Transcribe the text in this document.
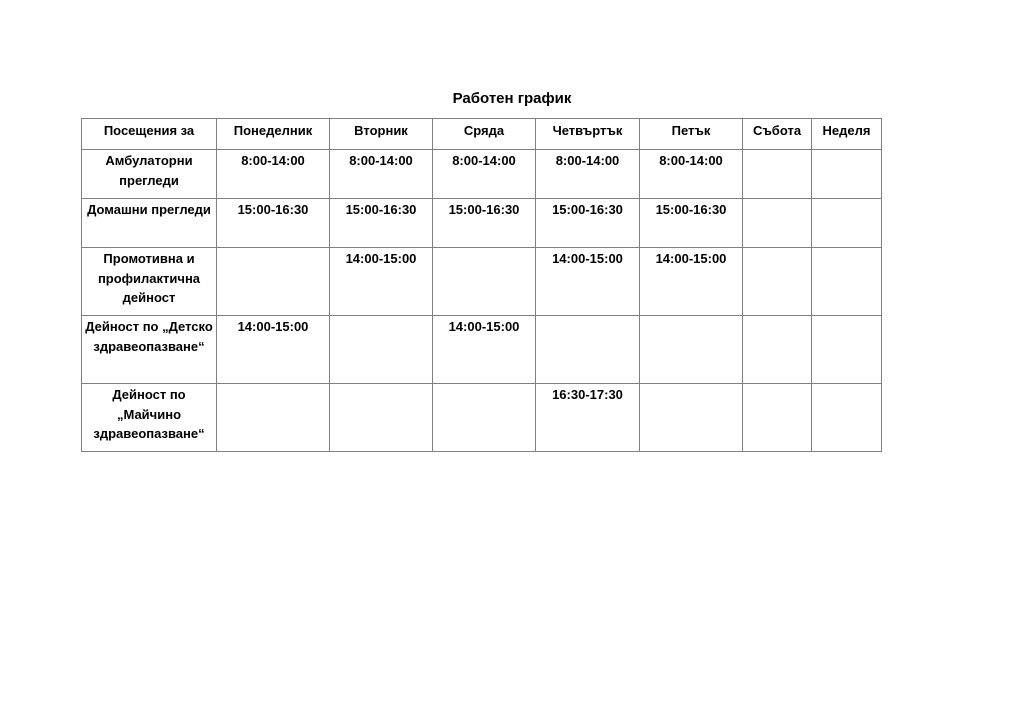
Работен график
Посещения за	Понеделник	Вторник	Сряда	Четвъртък	Петък	Събота	Неделя
Амбулаторни прегледи	8:00-14:00	8:00-14:00	8:00-14:00	8:00-14:00	8:00-14:00		
Домашни прегледи	15:00-16:30	15:00-16:30	15:00-16:30	15:00-16:30	15:00-16:30		
Промотивна и профилактична дейност		14:00-15:00		14:00-15:00	14:00-15:00		
Дейност по „Детско здравеопазване“	14:00-15:00		14:00-15:00				
Дейност по „Майчино здравеопазване“				16:30-17:30			
